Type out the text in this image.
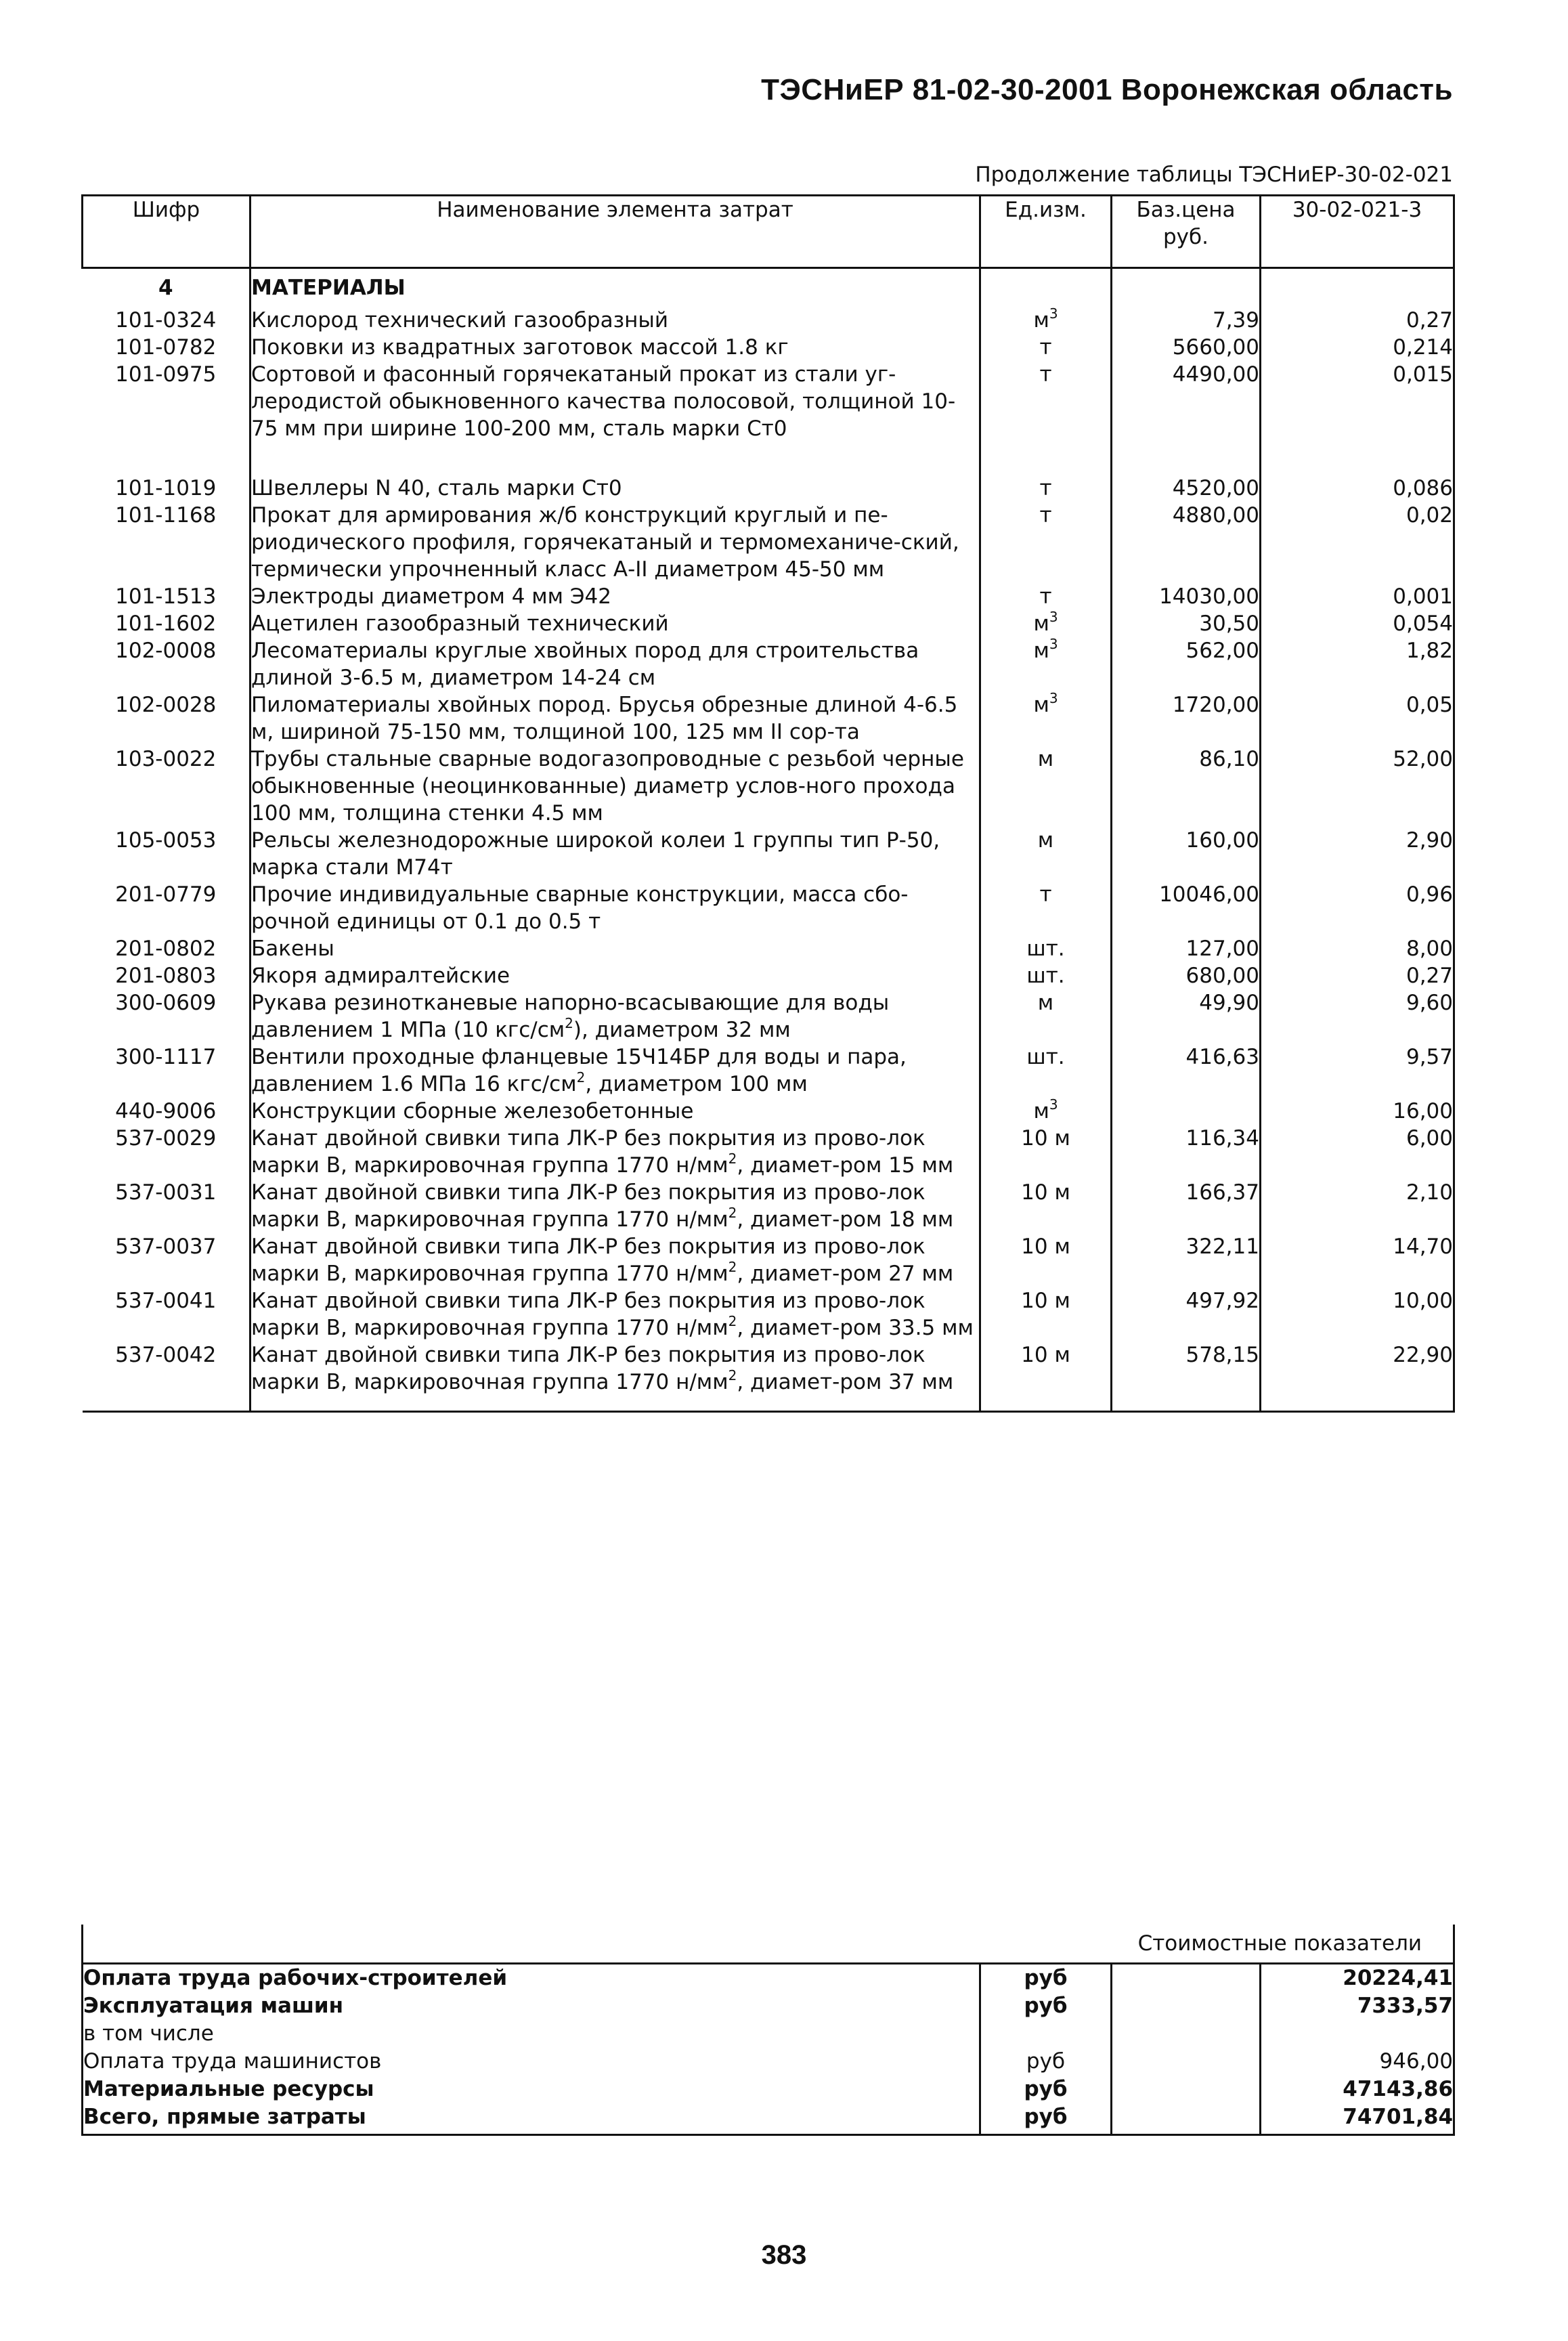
ТЭСНиЕР 81-02-30-2001 Воронежская область
Продолжение таблицы ТЭСНиЕР-30-02-021
Шифр	Наименование элемента затрат	Ед.изм.	Баз.цена руб.	30-02-021-3
4	МАТЕРИАЛЫ			
101-0324	Кислород технический газообразный	$м^3$	7,39	0,27
101-0782	Поковки из квадратных заготовок массой 1.8 кг	т	5660,00	0,214
101-0975	Сортовой и фасонный горячекатаный прокат из стали уг-леродистой обыкновенного качества полосовой, толщиной 10-75 мм при ширине 100-200 мм, сталь марки Ст0	т	4490,00	0,015
101-1019	Швеллеры N 40, сталь марки Ст0	т	4520,00	0,086
101-1168	Прокат для армирования ж/б конструкций круглый и пе-риодического профиля, горячекатаный и термомеханиче-ский, термически упрочненный класс А-II диаметром 45-50 мм	т	4880,00	0,02
101-1513	Электроды диаметром 4 мм Э42	т	14030,00	0,001
101-1602	Ацетилен газообразный технический	$м^3$	30,50	0,054
102-0008	Лесоматериалы круглые хвойных пород для строительства длиной 3-6.5 м, диаметром 14-24 см	$м^3$	562,00	1,82
102-0028	Пиломатериалы хвойных пород. Брусья обрезные длиной 4-6.5 м, шириной 75-150 мм, толщиной 100, 125 мм II сор-та	$м^3$	1720,00	0,05
103-0022	Трубы стальные сварные водогазопроводные с резьбой черные обыкновенные (неоцинкованные) диаметр услов-ного прохода 100 мм, толщина стенки 4.5 мм	м	86,10	52,00
105-0053	Рельсы железнодорожные широкой колеи 1 группы тип Р-50, марка стали М74т	м	160,00	2,90
201-0779	Прочие индивидуальные сварные конструкции, масса сбо-рочной единицы от 0.1 до 0.5 т	т	10046,00	0,96
201-0802	Бакены	шт.	127,00	8,00
201-0803	Якоря адмиралтейские	шт.	680,00	0,27
300-0609	Рукава резинотканевые напорно-всасывающие для воды давлением 1 МПа (10 кгс/$см^2$), диаметром 32 мм	м	49,90	9,60
300-1117	Вентили проходные фланцевые 15Ч14БР для воды и пара, давлением 1.6 МПа 16 кгс/$см^2$, диаметром 100 мм	шт.	416,63	9,57
440-9006	Конструкции сборные железобетонные	$м^3$		16,00
537-0029	Канат двойной свивки типа ЛК-Р без покрытия из прово-лок марки В, маркировочная группа 1770 $н/мм^2$, диамет-ром 15 мм	10 м	116,34	6,00
537-0031	Канат двойной свивки типа ЛК-Р без покрытия из прово-лок марки В, маркировочная группа 1770 $н/мм^2$, диамет-ром 18 мм	10 м	166,37	2,10
537-0037	Канат двойной свивки типа ЛК-Р без покрытия из прово-лок марки В, маркировочная группа 1770 $н/мм^2$, диамет-ром 27 мм	10 м	322,11	14,70
537-0041	Канат двойной свивки типа ЛК-Р без покрытия из прово-лок марки В, маркировочная группа 1770 $н/мм^2$, диамет-ром 33.5 мм	10 м	497,92	10,00
537-0042	Канат двойной свивки типа ЛК-Р без покрытия из прово-лок марки В, маркировочная группа 1770 $н/мм^2$, диамет-ром 37 мм	10 м	578,15	22,90
Стоимостные показатели			
Оплата труда рабочих-строителей	руб		20224,41
Эксплуатация машин	руб		7333,57
в том числе			
Оплата труда машинистов	руб		946,00
Материальные ресурсы	руб		47143,86
Всего, прямые затраты	руб		74701,84
383
